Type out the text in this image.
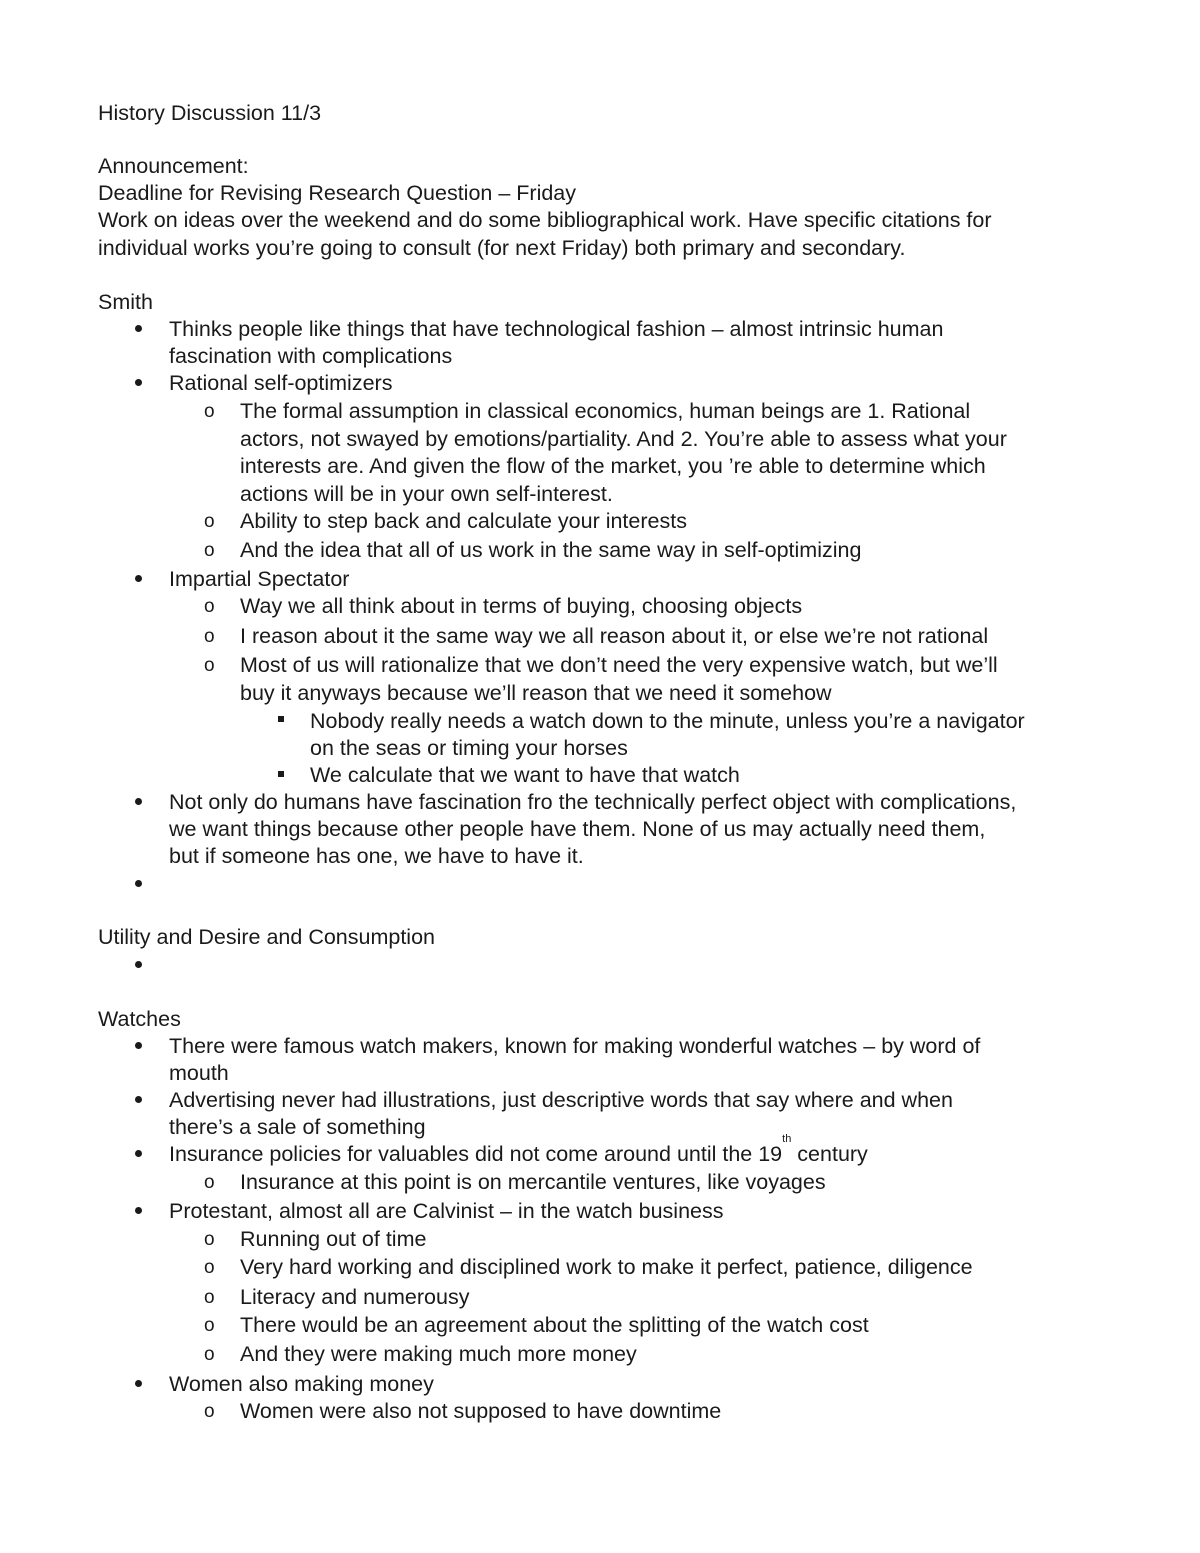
History Discussion 11/3
Announcement:
Deadline for Revising Research Question – Friday
Work on ideas over the weekend and do some bibliographical work. Have specific citations for
individual works you’re going to consult (for next Friday) both primary and secondary.
Smith
Thinks people like things that have technological fashion – almost intrinsic human
fascination with complications
Rational self-optimizers
o The formal assumption in classical economics, human beings are 1. Rational
actors, not swayed by emotions/partiality. And 2. You’re able to assess what your
interests are. And given the flow of the market, you ’re able to determine which
actions will be in your own self-interest.
o Ability to step back and calculate your interests
o And the idea that all of us work in the same way in self-optimizing
Impartial Spectator
o Way we all think about in terms of buying, choosing objects
o I reason about it the same way we all reason about it, or else we’re not rational
o Most of us will rationalize that we don’t need the very expensive watch, but we’ll
buy it anyways because we’ll reason that we need it somehow
Nobody really needs a watch down to the minute, unless you’re a navigator
on the seas or timing your horses
We calculate that we want to have that watch
Not only do humans have fascination fro the technically perfect object with complications,
we want things because other people have them. None of us may actually need them,
but if someone has one, we have to have it.
Utility and Desire and Consumption
Watches
There were famous watch makers, known for making wonderful watches – by word of
mouth
Advertising never had illustrations, just descriptive words that say where and when
there’s a sale of something
Insurance policies for valuables did not come around until the 19th century
o Insurance at this point is on mercantile ventures, like voyages
Protestant, almost all are Calvinist – in the watch business
o Running out of time
o Very hard working and disciplined work to make it perfect, patience, diligence
o Literacy and numerousy
o There would be an agreement about the splitting of the watch cost
o And they were making much more money
Women also making money
o Women were also not supposed to have downtime
